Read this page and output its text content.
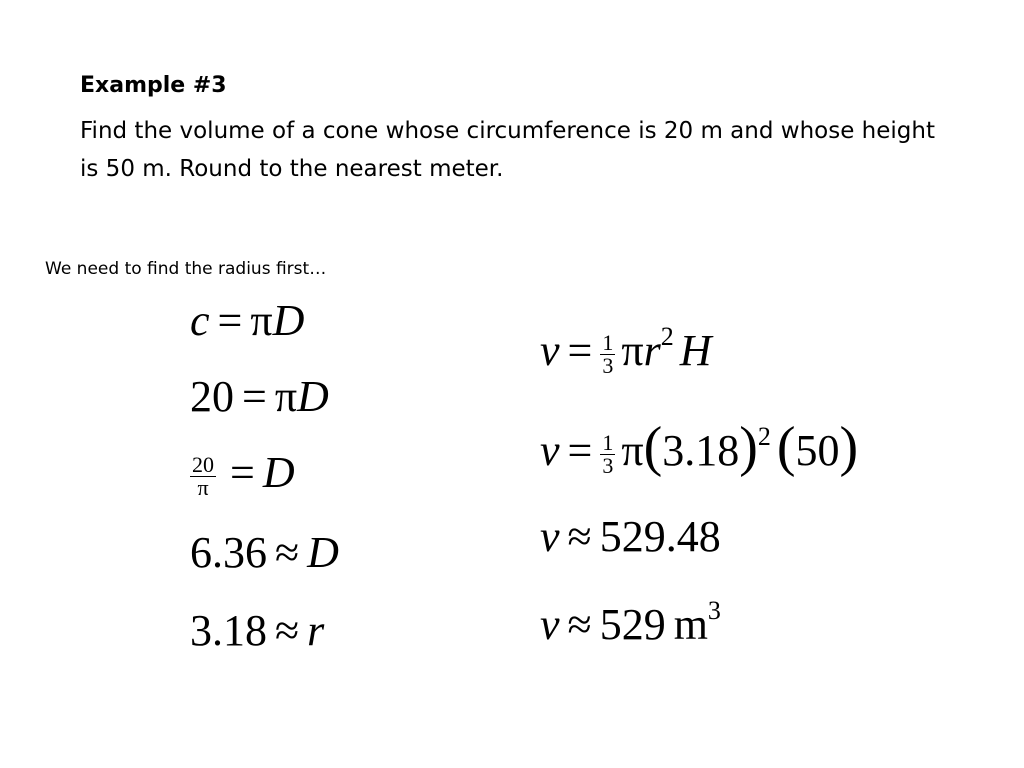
Example #3
Find the volume of a cone whose circumference is 20 m and whose height is 50 m. Round to the nearest meter.
We need to find the radius first…
c = πD
20 = πD
$\frac{20}{\pi} = D$
6.36 ≈ D
3.18 ≈ r
$v = \frac{1}{3} \pi r^2$ H
$v = \frac{1}{3} \pi(3.18)^2$ (50)
v ≈ 529.48
v ≈ 529 $m^3$
